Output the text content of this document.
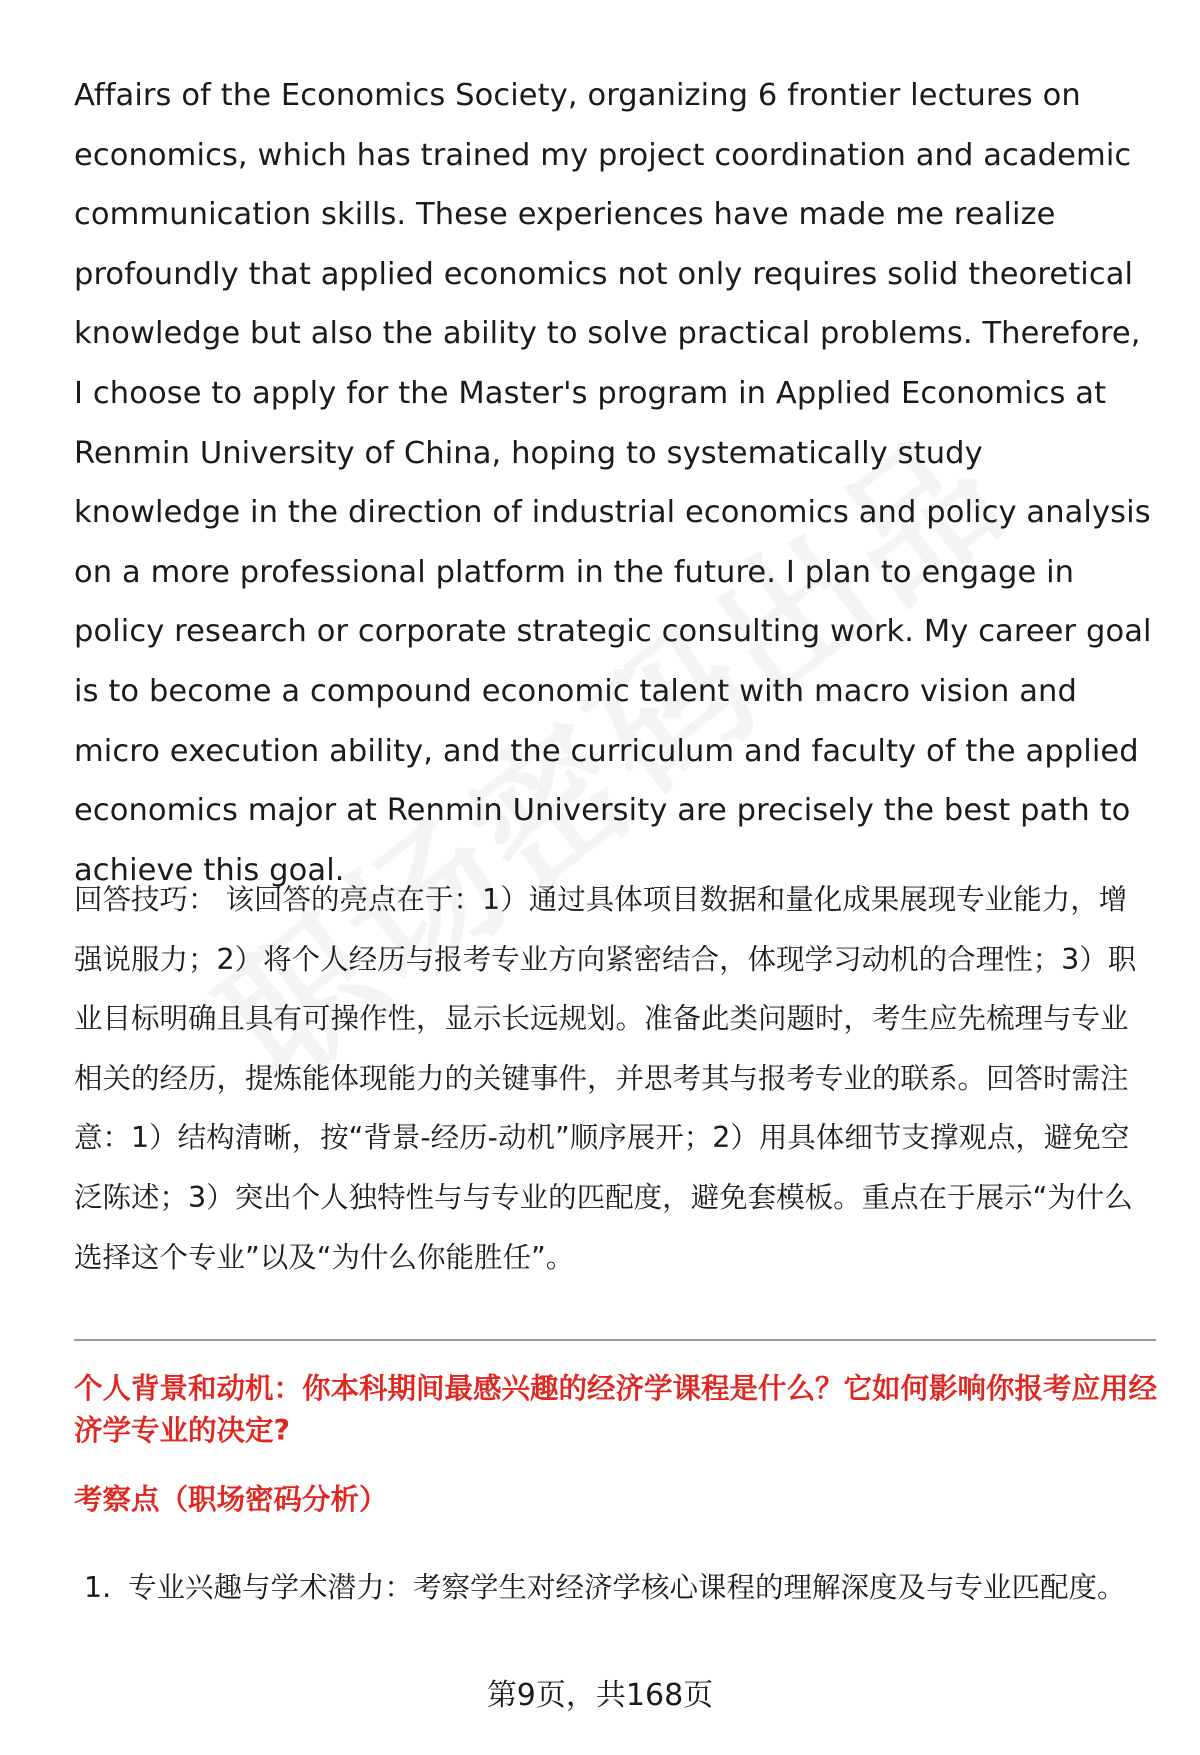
Affairs of the Economics Society, organizing 6 frontier lectures on economics, which has trained my project coordination and academic communication skills. These experiences have made me realize profoundly that applied economics not only requires solid theoretical knowledge but also the ability to solve practical problems. Therefore, I choose to apply for the Master's program in Applied Economics at Renmin University of China, hoping to systematically study knowledge in the direction of industrial economics and policy analysis on a more professional platform in the future. I plan to engage in policy research or corporate strategic consulting work. My career goal is to become a compound economic talent with macro vision and micro execution ability, and the curriculum and faculty of the applied economics major at Renmin University are precisely the best path to achieve this goal.

回答技巧： 该回答的亮点在于：1）通过具体项目数据和量化成果展现专业能力，增强说服力；2）将个人经历与报考专业方向紧密结合，体现学习动机的合理性；3）职业目标明确且具有可操作性，显示长远规划。准备此类问题时，考生应先梳理与专业相关的经历，提炼能体现能力的关键事件，并思考其与报考专业的联系。回答时需注意：1）结构清晰，按“背景-经历-动机”顺序展开；2）用具体细节支撑观点，避免空泛陈述；3）突出个人独特性与与专业的匹配度，避免套模板。重点在于展示“为什么选择这个专业”以及“为什么你能胜任”。

个人背景和动机：你本科期间最感兴趣的经济学课程是什么？它如何影响你报考应用经济学专业的决定?

考察点（职场密码分析）

1. 专业兴趣与学术潜力：考察学生对经济学核心课程的理解深度及与专业匹配度。
第9页，共168页
